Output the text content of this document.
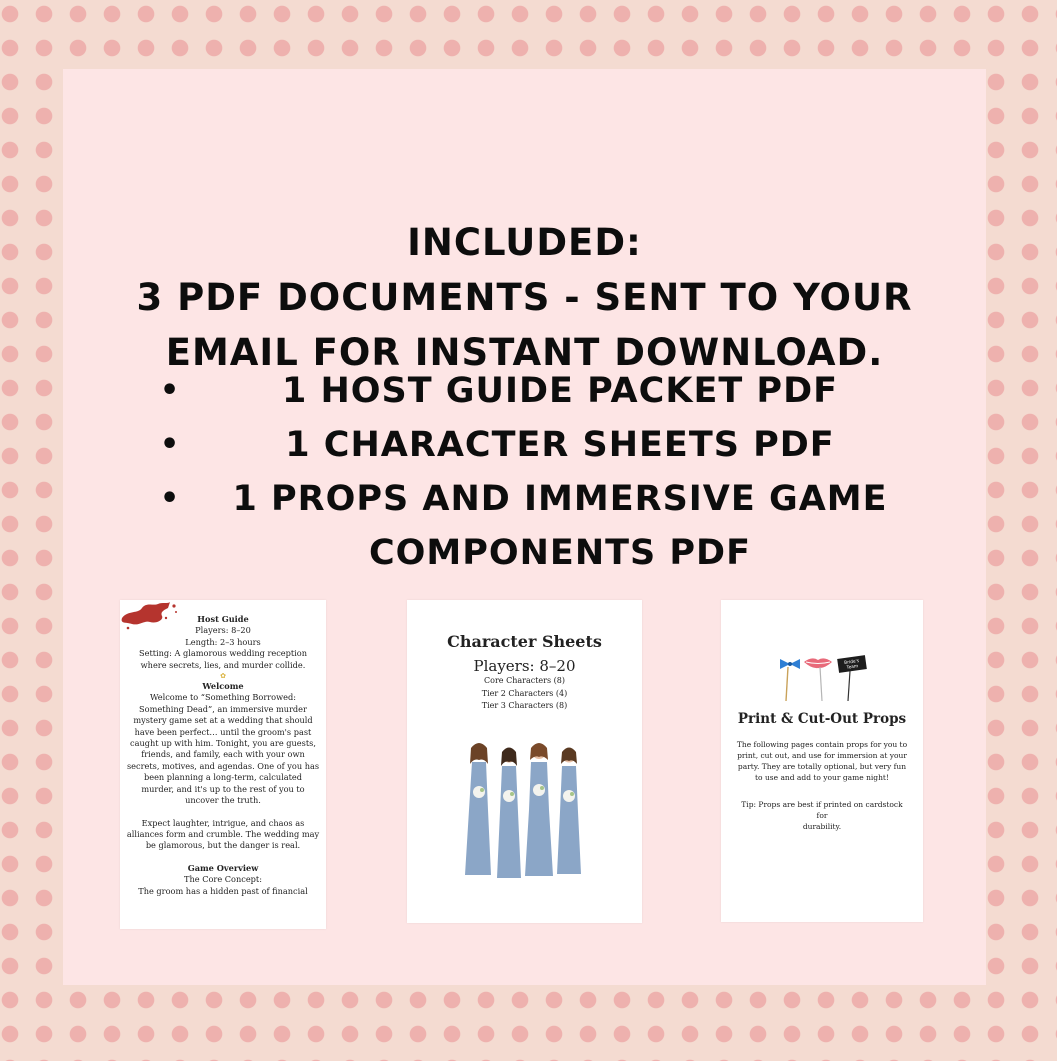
INCLUDED:
3 PDF DOCUMENTS - SENT TO YOUR
EMAIL FOR INSTANT DOWNLOAD.
•	1 HOST GUIDE PACKET PDF
•	1 CHARACTER SHEETS PDF
• 1 PROPS AND IMMERSIVE GAME
COMPONENTS PDF
Host Guide
Players: 8–20
Length: 2–3 hours
Setting: A glamorous wedding reception
where secrets, lies, and murder collide.
✿
Welcome
Welcome to “Something Borrowed:
Something Dead”, an immersive murder
mystery game set at a wedding that should
have been perfect… until the groom's past
caught up with him. Tonight, you are guests,
friends, and family, each with your own
secrets, motives, and agendas. One of you has
been planning a long-term, calculated
murder, and it's up to the rest of you to
uncover the truth.
Expect laughter, intrigue, and chaos as
alliances form and crumble. The wedding may
be glamorous, but the danger is real.
Game Overview
The Core Concept:
The groom has a hidden past of financial
Character Sheets
Players: 8–20
Core Characters (8)
Tier 2 Characters (4)
Tier 3 Characters (8)
Bride's
Team
Print & Cut-Out Props
The following pages contain props for you to
print, cut out, and use for immersion at your
party. They are totally optional, but very fun
to use and add to your game night!
Tip: Props are best if printed on cardstock for
durability.
